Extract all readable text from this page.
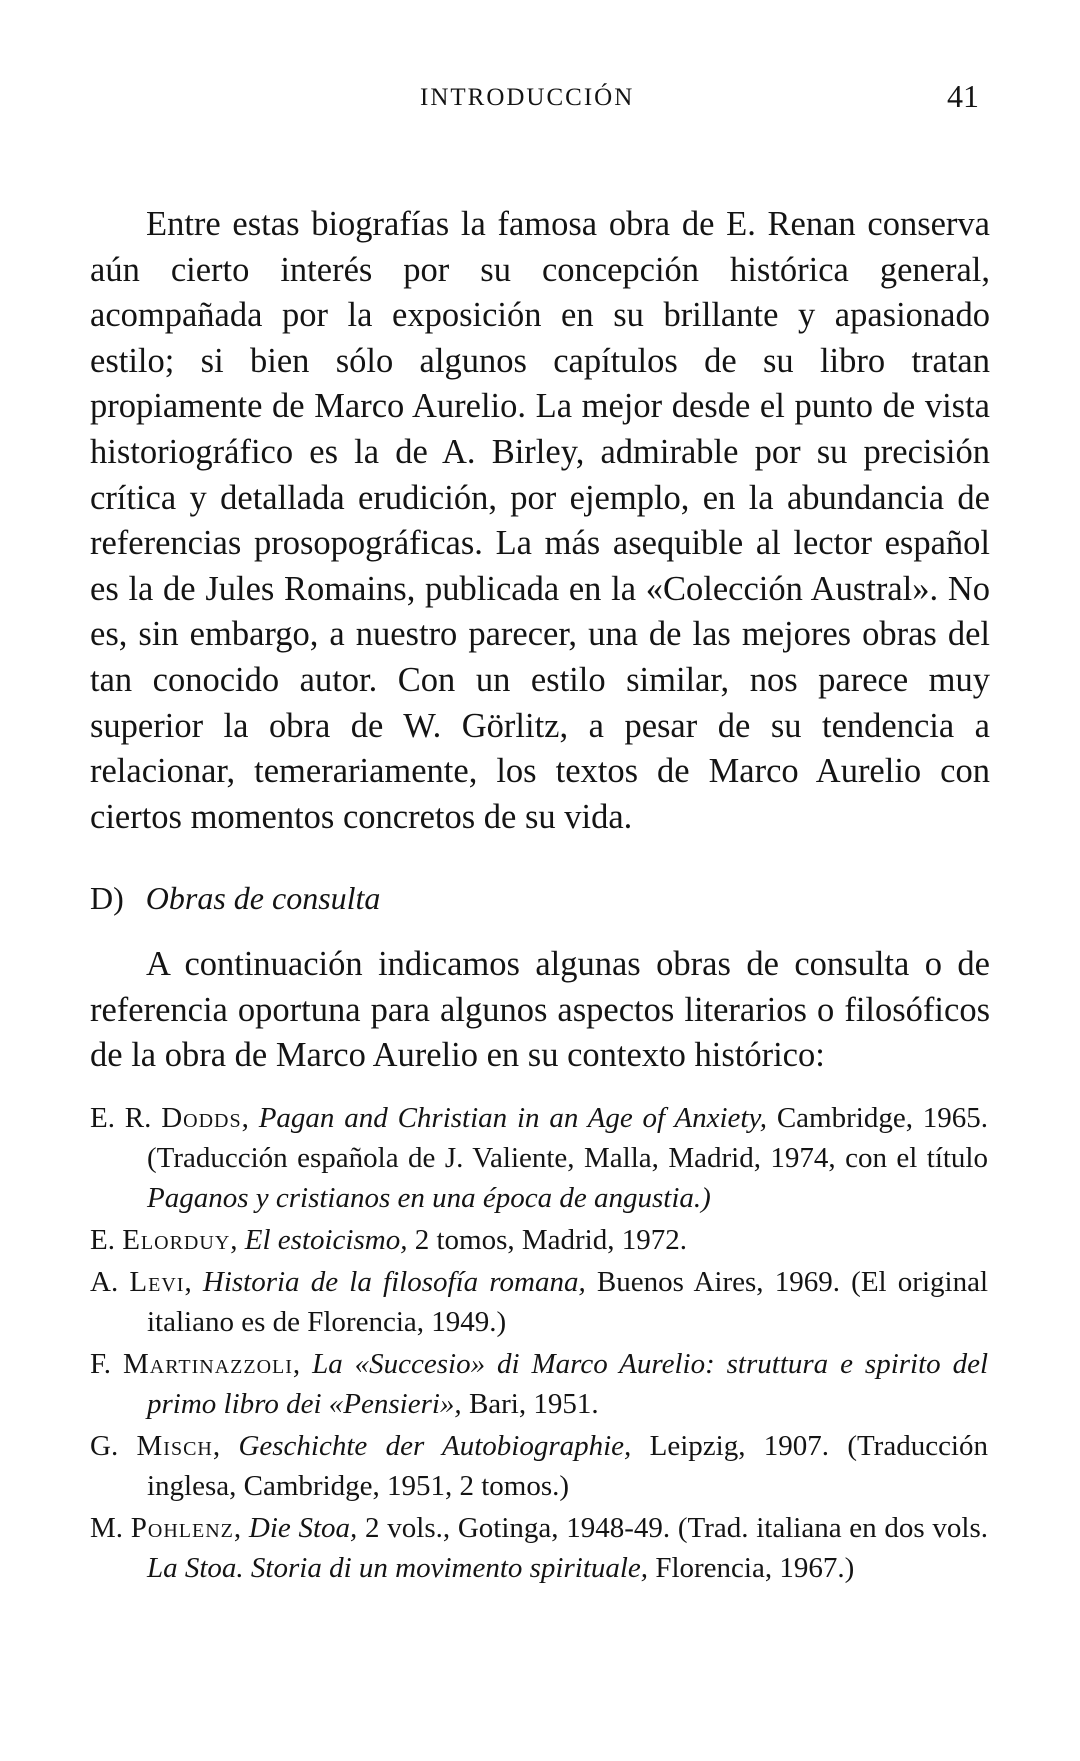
INTRODUCCIÓN	41

Entre estas biografías la famosa obra de E. Renan conserva aún cierto interés por su concepción histórica general, acompañada por la exposición en su brillante y apasionado estilo; si bien sólo algunos capítulos de su libro tratan propiamente de Marco Aurelio. La mejor desde el punto de vista historiográfico es la de A. Birley, admirable por su precisión crítica y detallada erudición, por ejemplo, en la abundancia de referencias prosopográficas. La más asequible al lector español es la de Jules Romains, publicada en la «Colección Austral». No es, sin embargo, a nuestro parecer, una de las mejores obras del tan conocido autor. Con un estilo similar, nos parece muy superior la obra de W. Görlitz, a pesar de su tendencia a relacionar, temerariamente, los textos de Marco Aurelio con ciertos momentos concretos de su vida.

D) Obras de consulta

A continuación indicamos algunas obras de consulta o de referencia oportuna para algunos aspectos literarios o filosóficos de la obra de Marco Aurelio en su contexto histórico:

E. R. Dodds, Pagan and Christian in an Age of Anxiety, Cambridge, 1965. (Traducción española de J. Valiente, Malla, Madrid, 1974, con el título Paganos y cristianos en una época de angustia.)
E. Elorduy, El estoicismo, 2 tomos, Madrid, 1972.
A. Levi, Historia de la filosofía romana, Buenos Aires, 1969. (El original italiano es de Florencia, 1949.)
F. Martinazzoli, La «Succesio» di Marco Aurelio: struttura e spirito del primo libro dei «Pensieri», Bari, 1951.
G. Misch, Geschichte der Autobiographie, Leipzig, 1907. (Traducción inglesa, Cambridge, 1951, 2 tomos.)
M. Pohlenz, Die Stoa, 2 vols., Gotinga, 1948-49. (Trad. italiana en dos vols. La Stoa. Storia di un movimento spirituale, Florencia, 1967.)
